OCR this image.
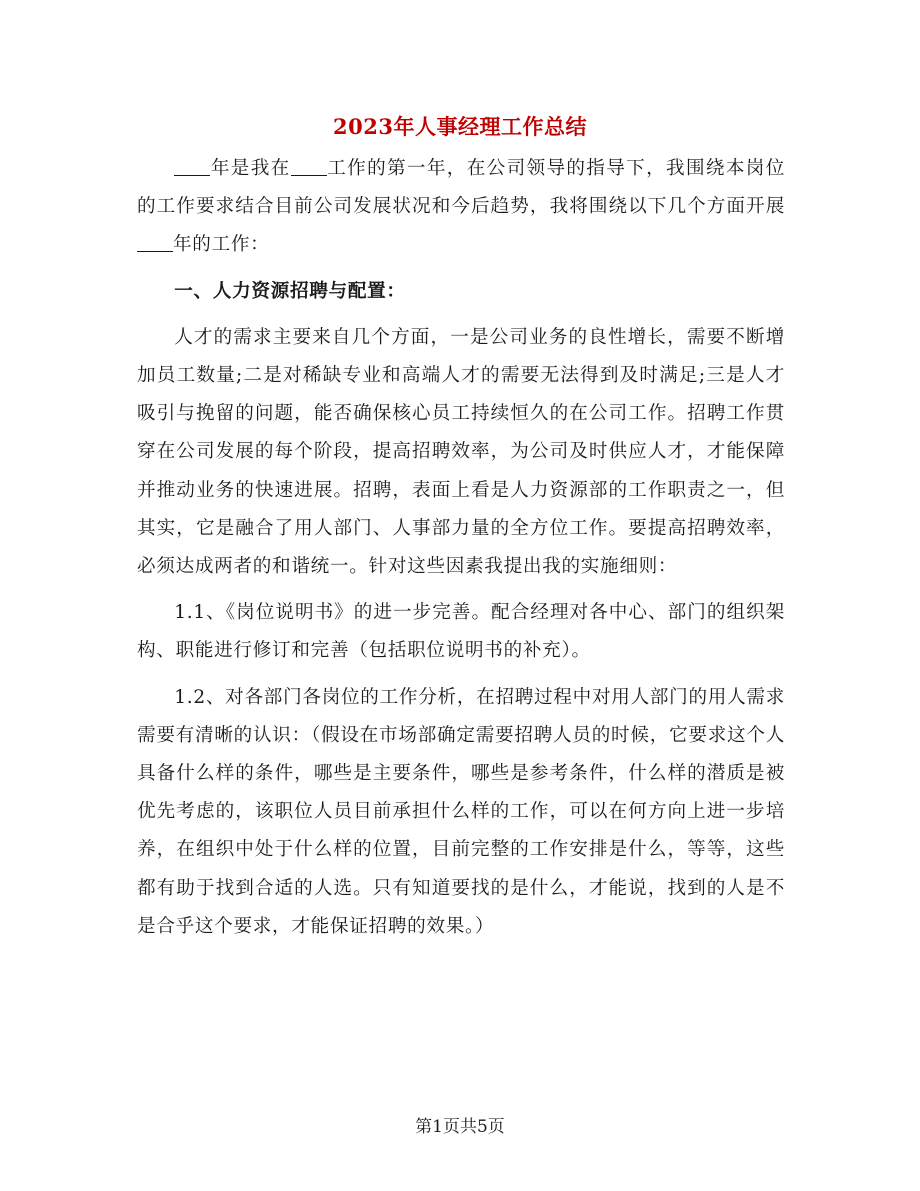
2023年人事经理工作总结

年是我在 工作的第一年，在公司领导的指导下，我围绕本岗位的工作要求结合目前公司发展状况和今后趋势，我将围绕以下几个方面开展年的工作：

一、人力资源招聘与配置：

人才的需求主要来自几个方面，一是公司业务的良性增长，需要不断增加员工数量;二是对稀缺专业和高端人才的需要无法得到及时满足;三是人才吸引与挽留的问题，能否确保核心员工持续恒久的在公司工作。招聘工作贯穿在公司发展的每个阶段，提高招聘效率，为公司及时供应人才，才能保障并推动业务的快速进展。招聘，表面上看是人力资源部的工作职责之一，但其实，它是融合了用人部门、人事部力量的全方位工作。要提高招聘效率，必须达成两者的和谐统一。针对这些因素我提出我的实施细则：

1.1、《岗位说明书》的进一步完善。配合经理对各中心、部门的组织架构、职能进行修订和完善（包括职位说明书的补充）。

1.2、对各部门各岗位的工作分析，在招聘过程中对用人部门的用人需求需要有清晰的认识：（假设在市场部确定需要招聘人员的时候，它要求这个人具备什么样的条件，哪些是主要条件，哪些是参考条件，什么样的潜质是被优先考虑的，该职位人员目前承担什么样的工作，可以在何方向上进一步培养，在组织中处于什么样的位置，目前完整的工作安排是什么，等等，这些都有助于找到合适的人选。只有知道要找的是什么，才能说，找到的人是不是合乎这个要求，才能保证招聘的效果。）

第1页共5页
